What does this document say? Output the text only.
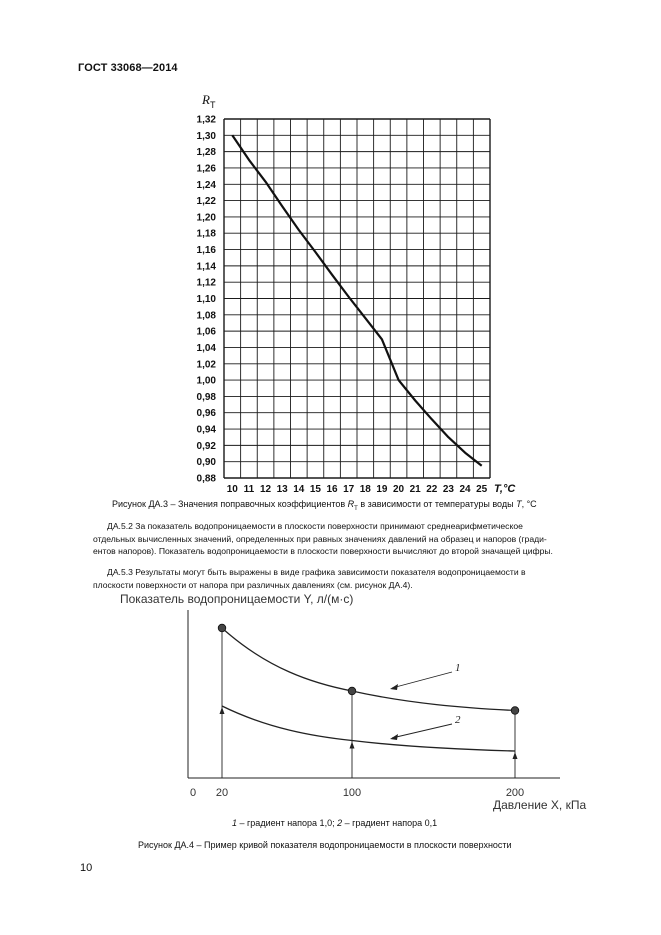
ГОСТ 33068—2014
0,88
0,90
0,92
0,94
0,96
0,98
1,00
1,02
1,04
1,06
1,08
1,10
1,12
1,14
1,16
1,18
1,20
1,22
1,24
1,26
1,28
1,30
1,32
10 11 12 13 14 15 16 17 18 19 20 21 22 23 24 25
$R_T$
T,°C
Рисунок ДА.3 – Значения поправочных коэффициентов $R_T$ в зависимости от температуры воды T, °C
ДА.5.2 За показатель водопроницаемости в плоскости поверхности принимают среднеарифметическое
отдельных вычисленных значений, определенных при равных значениях давлений на образец и напоров (гради-
ентов напоров). Показатель водопроницаемости в плоскости поверхности вычисляют до второй значащей цифры.
ДА.5.3 Результаты могут быть выражены в виде графика зависимости показателя водопроницаемости в
плоскости поверхности от напора при различных давлениях (см. рисунок ДА.4).
Показатель водопроницаемости Y, л/(м·с)
0 20	100	200
Давление X, кПа
1
2
1 – градиент напора 1,0; 2 – градиент напора 0,1
Рисунок ДА.4 – Пример кривой показателя водопроницаемости в плоскости поверхности
10
